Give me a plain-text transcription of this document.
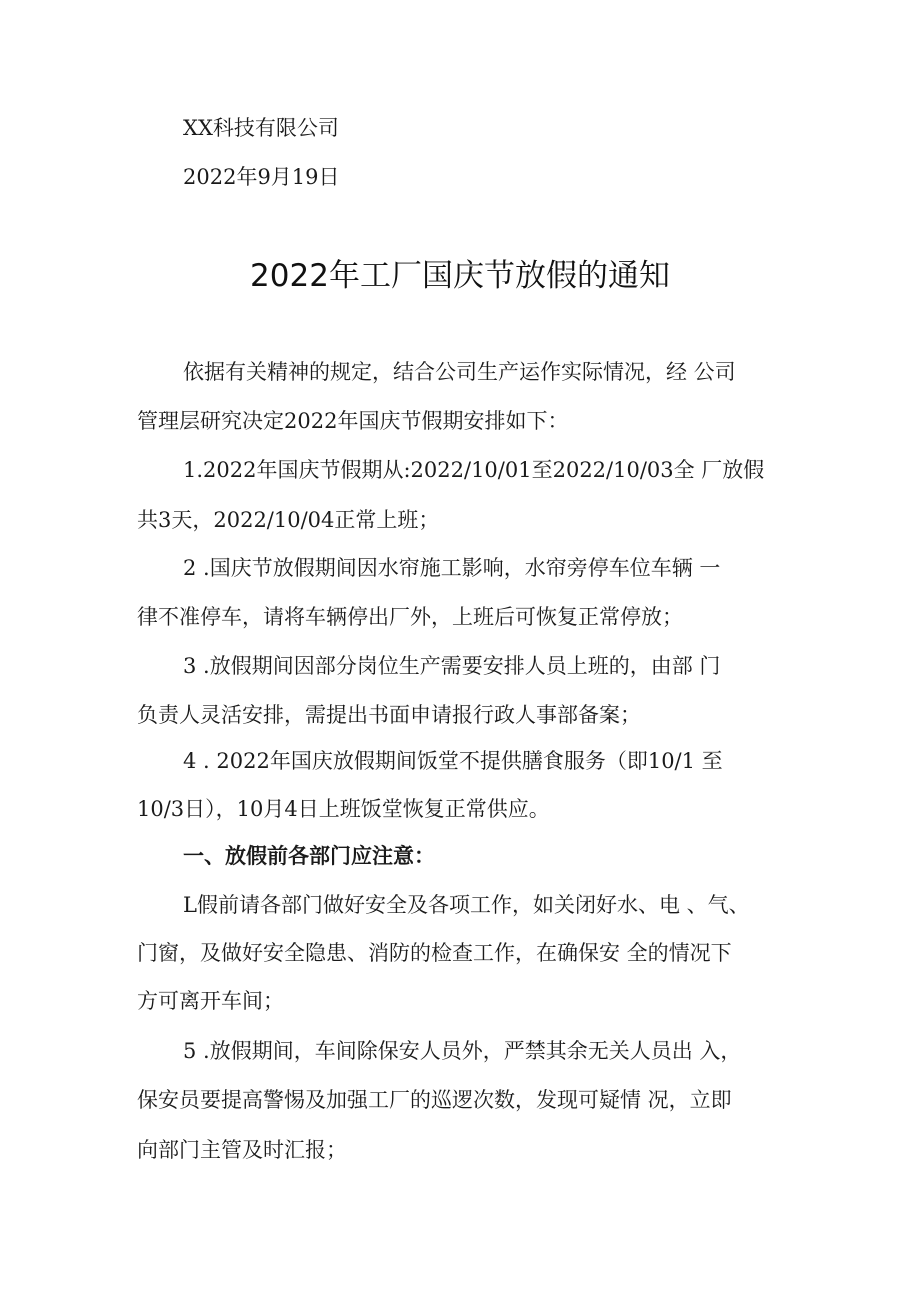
XX科技有限公司
2022年9月19日
2022年工厂国庆节放假的通知
依据有关精神的规定，结合公司生产运作实际情况，经 公司
管理层研究决定2022年国庆节假期安排如下：
1.2022年国庆节假期从:2022/10/01至2022/10/03全 厂放假
共3天，2022/10/04正常上班；
2 .国庆节放假期间因水帘施工影响，水帘旁停车位车辆 一
律不准停车，请将车辆停出厂外，上班后可恢复正常停放；
3 .放假期间因部分岗位生产需要安排人员上班的，由部 门
负责人灵活安排，需提出书面申请报行政人事部备案；
4 . 2022年国庆放假期间饭堂不提供膳食服务（即10/1 至
10/3日），10月4日上班饭堂恢复正常供应。
一、放假前各部门应注意：
L假前请各部门做好安全及各项工作，如关闭好水、电 、气、
门窗，及做好安全隐患、消防的检查工作，在确保安 全的情况下
方可离开车间；
5 .放假期间，车间除保安人员外，严禁其余无关人员出 入，
保安员要提高警惕及加强工厂的巡逻次数，发现可疑情 况，立即
向部门主管及时汇报；
